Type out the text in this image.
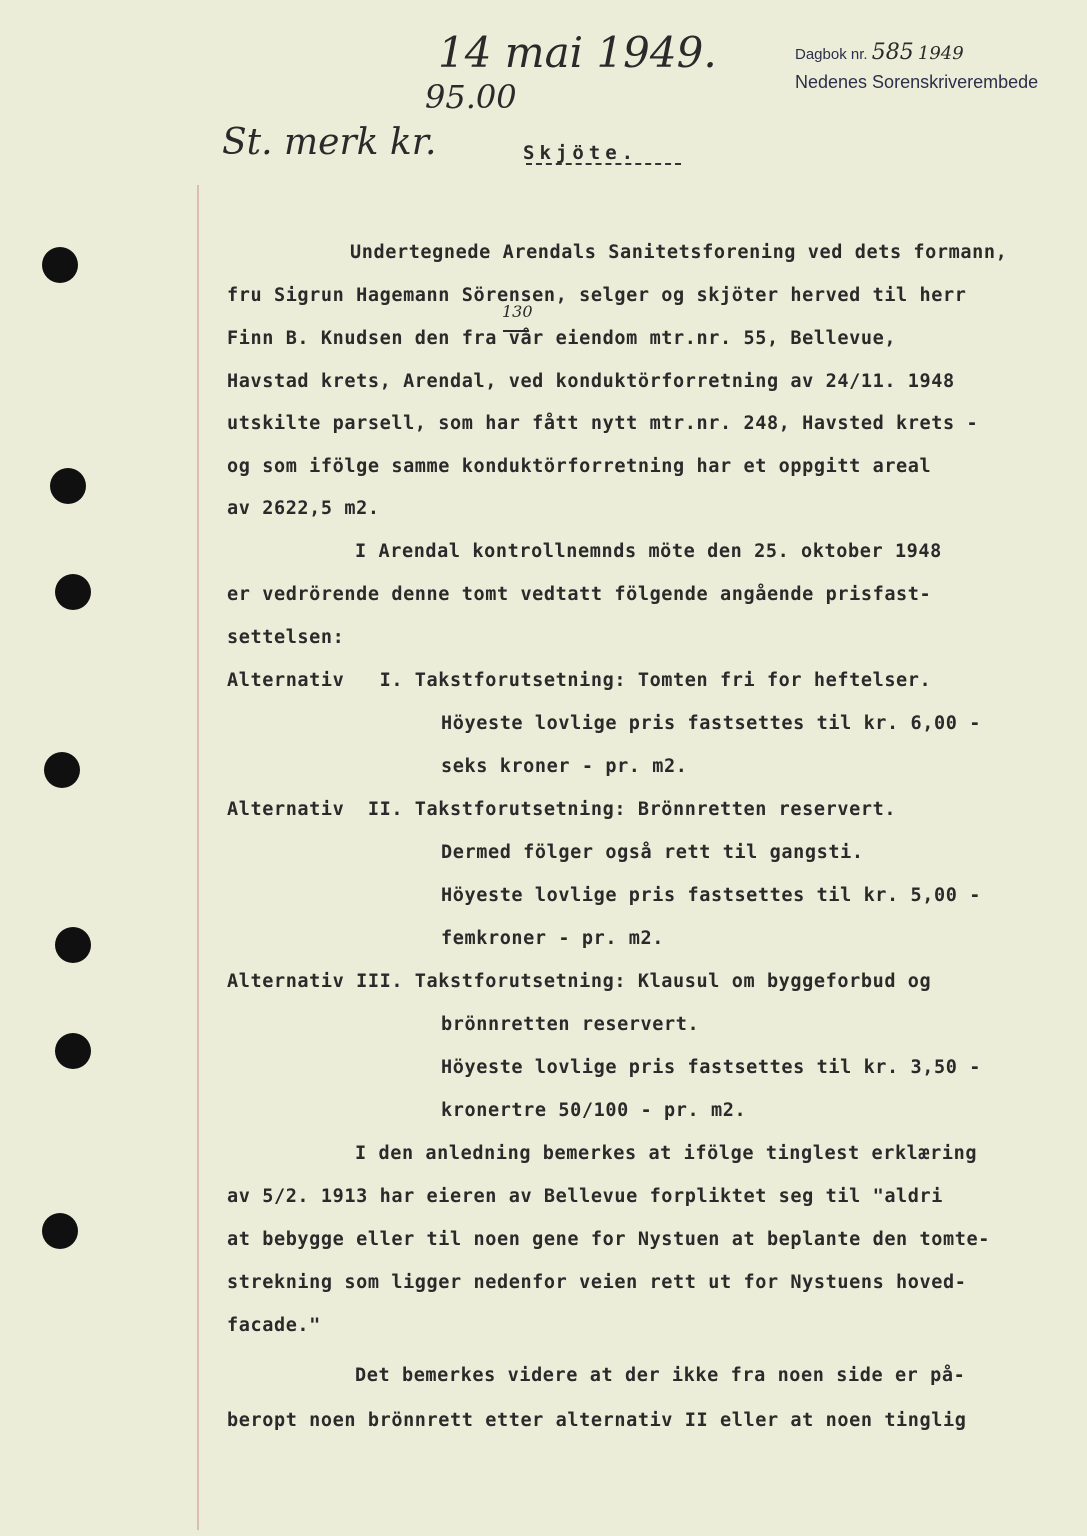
14 mai 1949.	Dagbok nr. 585 1949
Nedenes Sorenskriverembede
St. merk kr.
95.00
Skjöte.
130
Undertegnede Arendals Sanitetsforening ved dets formann,
fru Sigrun Hagemann Sörensen, selger og skjöter herved til herr
Finn B. Knudsen den fra vår eiendom mtr.nr. 55, Bellevue,
Havstad krets, Arendal, ved konduktörforretning av 24/11. 1948
utskilte parsell, som har fått nytt mtr.nr. 248, Havsted krets -
og som ifölge samme konduktörforretning har et oppgitt areal
av 2622,5 m2.
I Arendal kontrollnemnds möte den 25. oktober 1948
er vedrörende denne tomt vedtatt fölgende angående prisfast-
settelsen:
Alternativ   I. Takstforutsetning: Tomten fri for heftelser.
Höyeste lovlige pris fastsettes til kr. 6,00 -
seks kroner - pr. m2.
Alternativ  II. Takstforutsetning: Brönnretten reservert.
Dermed fölger også rett til gangsti.
Höyeste lovlige pris fastsettes til kr. 5,00 -
femkroner - pr. m2.
Alternativ III. Takstforutsetning: Klausul om byggeforbud og
brönnretten reservert.
Höyeste lovlige pris fastsettes til kr. 3,50 -
kronertre 50/100 - pr. m2.
I den anledning bemerkes at ifölge tinglest erklæring
av 5/2. 1913 har eieren av Bellevue forpliktet seg til "aldri
at bebygge eller til noen gene for Nystuen at beplante den tomte-
strekning som ligger nedenfor veien rett ut for Nystuens hoved-
facade."
Det bemerkes videre at der ikke fra noen side er på-
beropt noen brönnrett etter alternativ II eller at noen tinglig
